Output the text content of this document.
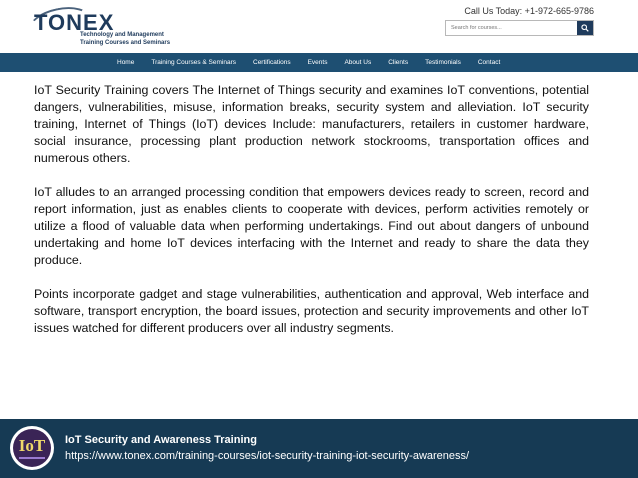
TONEX
Technology and Management
Training Courses and Seminars
Call Us Today: +1-972-665-9786
Search for courses...
Home	Training Courses & Seminars	Certifications	Events	About Us	Clients	Testimonials	Contact

IoT Security Training covers The Internet of Things security and examines IoT conventions, potential dangers, vulnerabilities, misuse, information breaks, security system and alleviation. IoT security training, Internet of Things (IoT) devices Include: manufacturers, retailers in customer hardware, social insurance, processing plant production network stockrooms, transportation offices and numerous others.

IoT alludes to an arranged processing condition that empowers devices ready to screen, record and report information, just as enables clients to cooperate with devices, perform activities remotely or utilize a flood of valuable data when performing undertakings. Find out about dangers of unbound undertaking and home IoT devices interfacing with the Internet and ready to share the data they produce.

Points incorporate gadget and stage vulnerabilities, authentication and approval, Web interface and software, transport encryption, the board issues, protection and security improvements and other IoT issues watched for different producers over all industry segments.

IoT	IoT Security and Awareness Training
https://www.tonex.com/training-courses/iot-security-training-iot-security-awareness/
